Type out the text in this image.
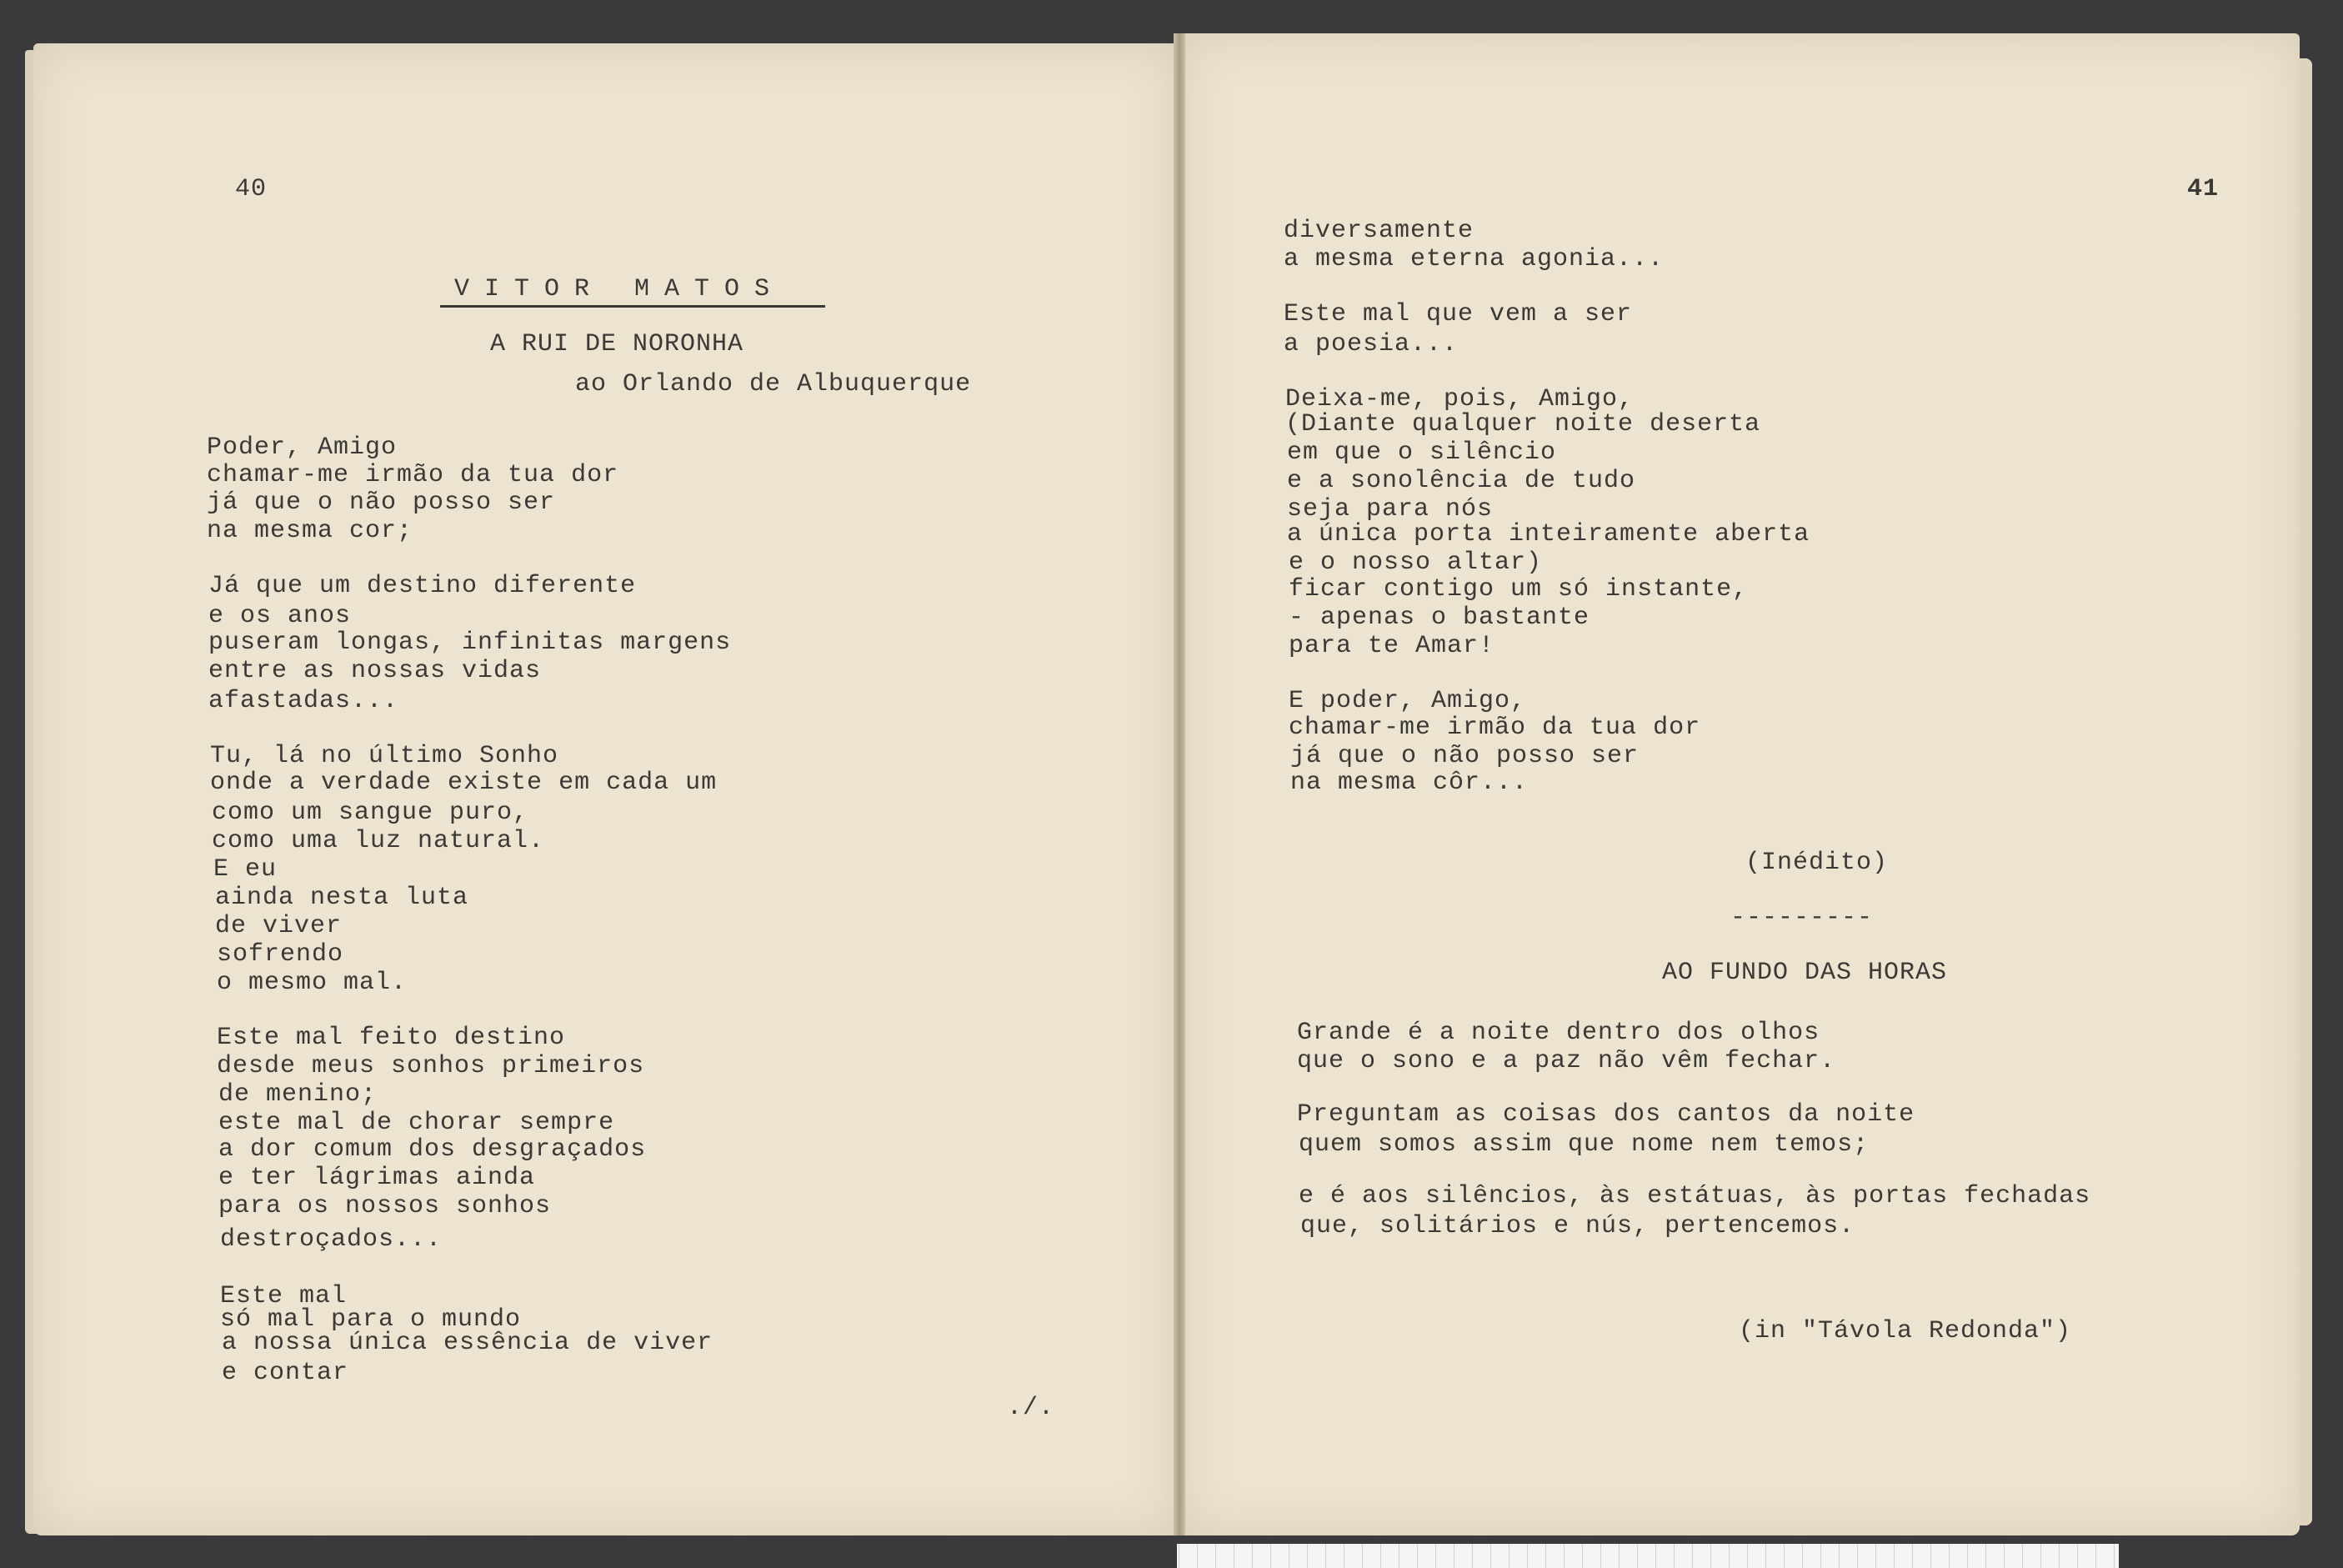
40
VITOR MATOS
A RUI DE NORONHA
ao Orlando de Albuquerque
Poder, Amigo
chamar-me irmão da tua dor
já que o não posso ser
na mesma cor;
Já que um destino diferente
e os anos
puseram longas, infinitas margens
entre as nossas vidas
afastadas...
Tu, lá no último Sonho
onde a verdade existe em cada um
como um sangue puro,
como uma luz natural.
E eu
ainda nesta luta
de viver
sofrendo
o mesmo mal.
Este mal feito destino
desde meus sonhos primeiros
de menino;
este mal de chorar sempre
a dor comum dos desgraçados
e ter lágrimas ainda
para os nossos sonhos
destroçados...
Este mal
só mal para o mundo
a nossa única essência de viver
e contar
./.
41
diversamente
a mesma eterna agonia...
Este mal que vem a ser
a poesia...
Deixa-me, pois, Amigo,
(Diante qualquer noite deserta
em que o silêncio
e a sonolência de tudo
seja para nós
a única porta inteiramente aberta
e o nosso altar)
ficar contigo um só instante,
- apenas o bastante
para te Amar!
E poder, Amigo,
chamar-me irmão da tua dor
já que o não posso ser
na mesma côr...
(Inédito)
---------
AO FUNDO DAS HORAS
Grande é a noite dentro dos olhos
que o sono e a paz não vêm fechar.
Preguntam as coisas dos cantos da noite
quem somos assim que nome nem temos;
e é aos silêncios, às estátuas, às portas fechadas
que, solitários e nús, pertencemos.
(in "Távola Redonda")
